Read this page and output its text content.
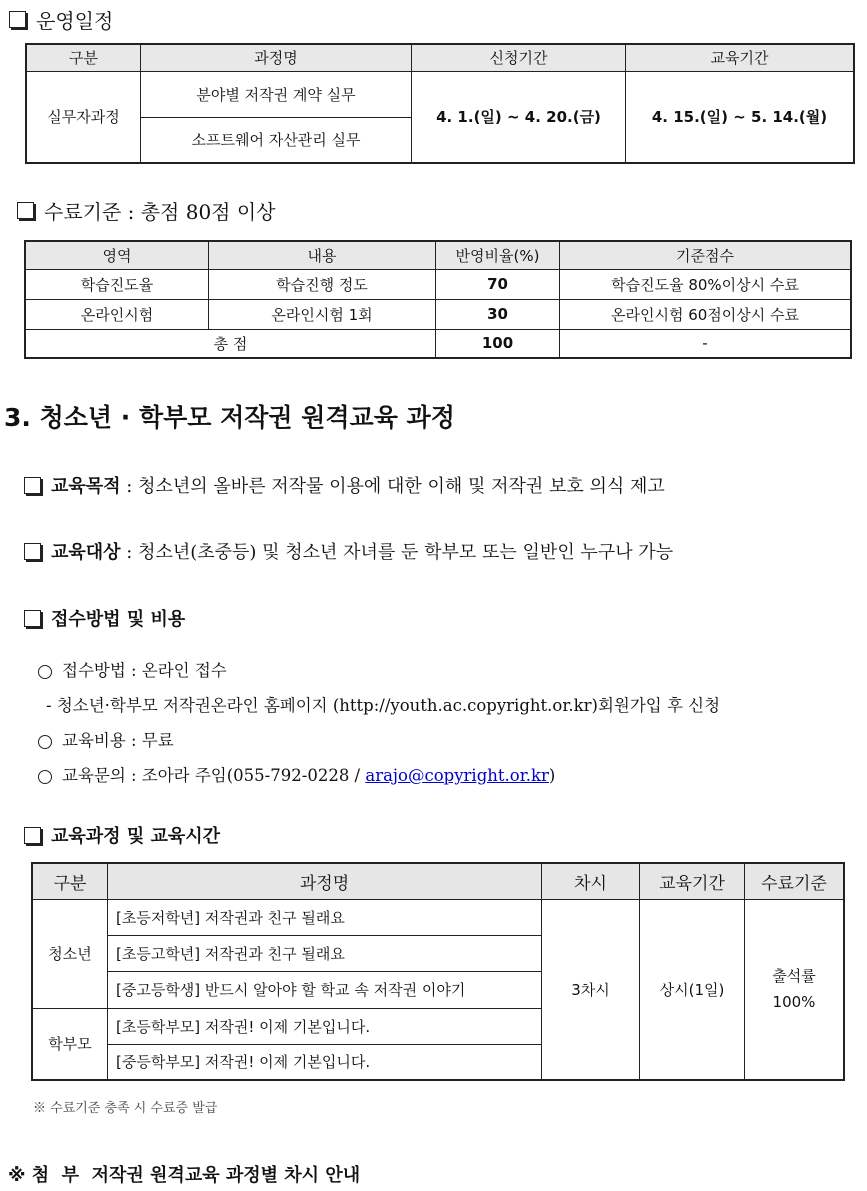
운영일정
구분	과정명	신청기간	교육기간
실무자과정	분야별 저작권 계약 실무	4. 1.(일) ~ 4. 20.(금)	4. 15.(일) ~ 5. 14.(월)
	소프트웨어 자산관리 실무		
수료기준 : 총점 80점 이상
영역	내용	반영비율(%)	기준점수
학습진도율	학습진행 정도	70	학습진도율 80%이상시 수료
온라인시험	온라인시험 1회	30	온라인시험 60점이상시 수료
총 점		100	-
3. 청소년 · 학부모 저작권 원격교육 과정
교육목적 : 청소년의 올바른 저작물 이용에 대한 이해 및 저작권 보호 의식 제고
교육대상 : 청소년(초중등) 및 청소년 자녀를 둔 학부모 또는 일반인 누구나 가능
접수방법 및 비용
접수방법 : 온라인 접수
- 청소년·학부모 저작권온라인 홈페이지 (http://youth.ac.copyright.or.kr)회원가입 후 신청
교육비용 : 무료
교육문의 : 조아라 주임(055-792-0228 / arajo@copyright.or.kr)
교육과정 및 교육시간
구분	과정명	차시	교육기간	수료기준
청소년	[초등저학년] 저작권과 친구 될래요	3차시	상시(1일)	출석률
100%

	[초등고학년] 저작권과 친구 될래요			
	[중고등학생] 반드시 알아야 할 학교 속 저작권 이야기			
학부모	[초등학부모] 저작권! 이제 기본입니다.			
	[중등학부모] 저작권! 이제 기본입니다.			
※ 수료기준 충족 시 수료증 발급
※ 첨  부  저작권 원격교육 과정별 차시 안내
